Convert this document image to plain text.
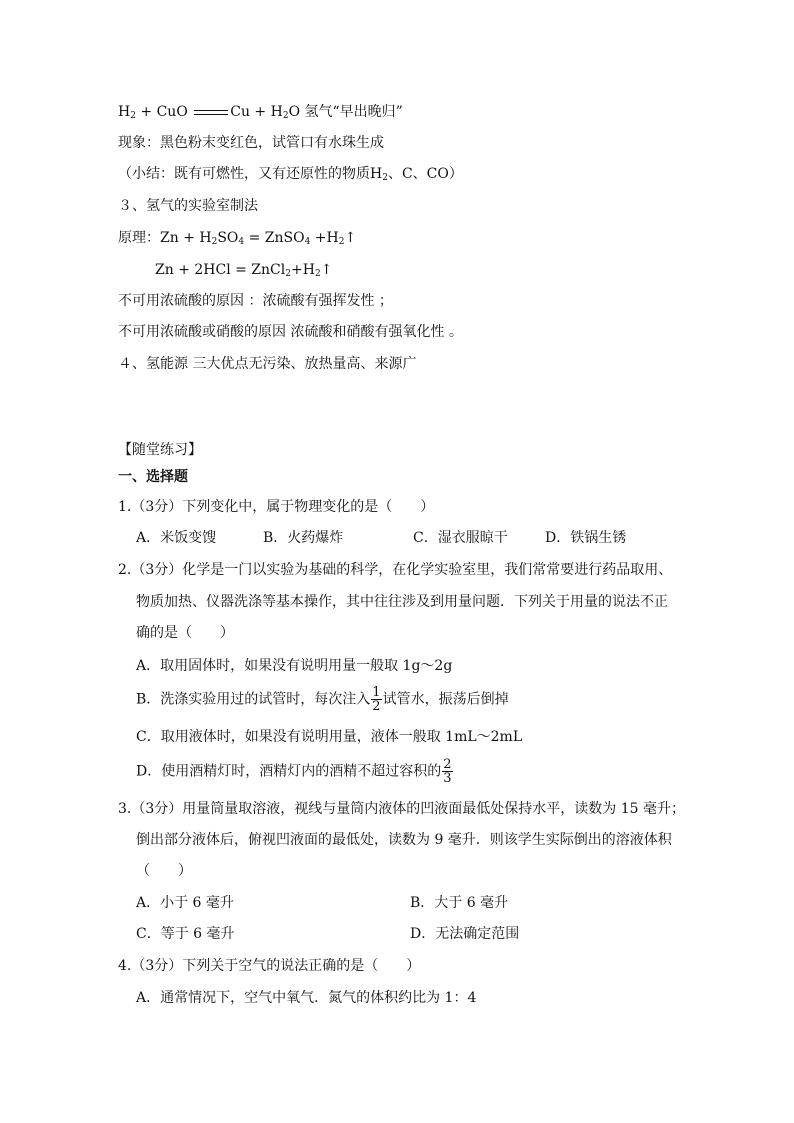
$H_2$ + CuO	$Cu + H_2O$ 氢气“早出晚归”
现象：黑色粉末变红色，试管口有水珠生成
（小结：既有可燃性，又有还原性的物质$H_2$、C、CO）
３、氢气的实验室制法
原理：$Zn + H_2SO_4$ = ZnSO$_4$ $+H_2↑$
$Zn + 2HCl = ZnCl_2+H_2↑$
不可用浓硫酸的原因 ：浓硫酸有强挥发性 ；
不可用浓硫酸或硝酸的原因 浓硫酸和硝酸有强氧化性 。
４、氢能源 三大优点无污染、放热量高、来源广
【随堂练习】
一、选择题
1.（3分）下列变化中，属于物理变化的是（　　）
A．米饭变馊	B．火药爆炸	C．湿衣服晾干	D．铁锅生锈
2.（3分）化学是一门以实验为基础的科学，在化学实验室里，我们常常要进行药品取用、
物质加热、仪器洗涤等基本操作，其中往往涉及到用量问题．下列关于用量的说法不正
确的是（　　）
A．取用固体时，如果没有说明用量一般取 1g～2g
B．洗涤实验用过的试管时，每次注入 $\frac{1}{2}$ 试管水，振荡后倒掉
C．取用液体时，如果没有说明用量，液体一般取 1mL～2mL
D．使用酒精灯时，酒精灯内的酒精不超过容积的 $\frac{2}{3}$
3.（3分）用量筒量取溶液，视线与量筒内液体的凹液面最低处保持水平，读数为 15 毫升；
倒出部分液体后，俯视凹液面的最低处，读数为 9 毫升．则该学生实际倒出的溶液体积
（　　）
A．小于 6 毫升	B．大于 6 毫升
C．等于 6 毫升	D．无法确定范围
4.（3分）下列关于空气的说法正确的是（　　）
A．通常情况下，空气中氧气．氮气的体积约比为 1：4
